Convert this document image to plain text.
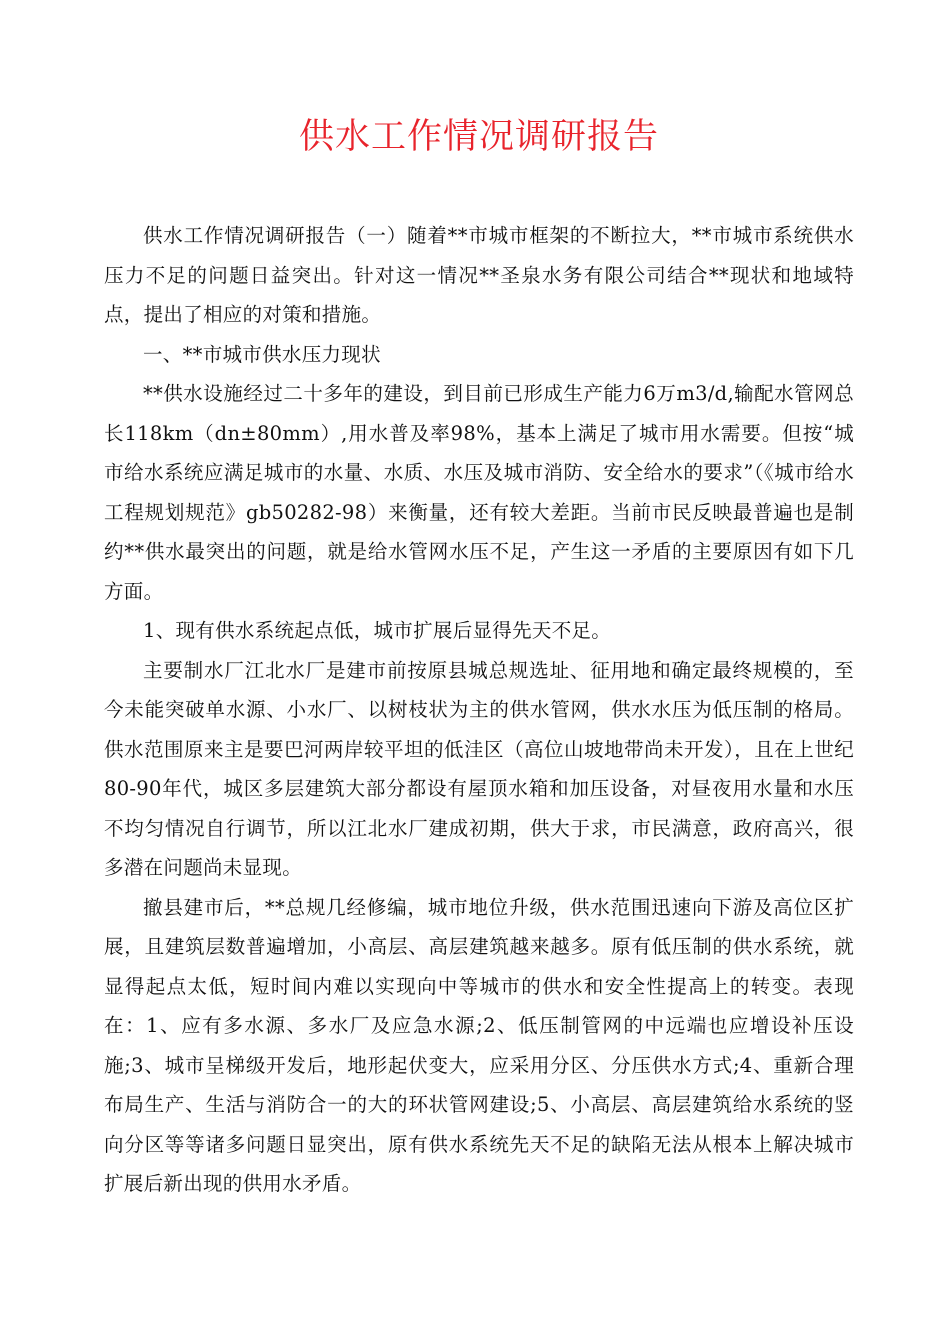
供水工作情况调研报告

供水工作情况调研报告（一）随着**市城市框架的不断拉大，**市城市系统供水压力不足的问题日益突出。针对这一情况**圣泉水务有限公司结合**现状和地域特点，提出了相应的对策和措施。

一、**市城市供水压力现状

**供水设施经过二十多年的建设，到目前已形成生产能力6万m3/d,输配水管网总长118km（dn±80mm）,用水普及率98%，基本上满足了城市用水需要。但按“城市给水系统应满足城市的水量、水质、水压及城市消防、安全给水的要求”（《城市给水工程规划规范》gb50282-98）来衡量，还有较大差距。当前市民反映最普遍也是制约**供水最突出的问题，就是给水管网水压不足，产生这一矛盾的主要原因有如下几方面。

1、现有供水系统起点低，城市扩展后显得先天不足。

主要制水厂江北水厂是建市前按原县城总规选址、征用地和确定最终规模的，至今未能突破单水源、小水厂、以树枝状为主的供水管网，供水水压为低压制的格局。供水范围原来主是要巴河两岸较平坦的低洼区（高位山坡地带尚未开发），且在上世纪80-90年代，城区多层建筑大部分都设有屋顶水箱和加压设备，对昼夜用水量和水压不均匀情况自行调节，所以江北水厂建成初期，供大于求，市民满意，政府高兴，很多潜在问题尚未显现。

撤县建市后，**总规几经修编，城市地位升级，供水范围迅速向下游及高位区扩展，且建筑层数普遍增加，小高层、高层建筑越来越多。原有低压制的供水系统，就显得起点太低，短时间内难以实现向中等城市的供水和安全性提高上的转变。表现在：1、应有多水源、多水厂及应急水源;2、低压制管网的中远端也应增设补压设施;3、城市呈梯级开发后，地形起伏变大，应采用分区、分压供水方式;4、重新合理布局生产、生活与消防合一的大的环状管网建设;5、小高层、高层建筑给水系统的竖向分区等等诸多问题日显突出，原有供水系统先天不足的缺陷无法从根本上解决城市扩展后新出现的供用水矛盾。
